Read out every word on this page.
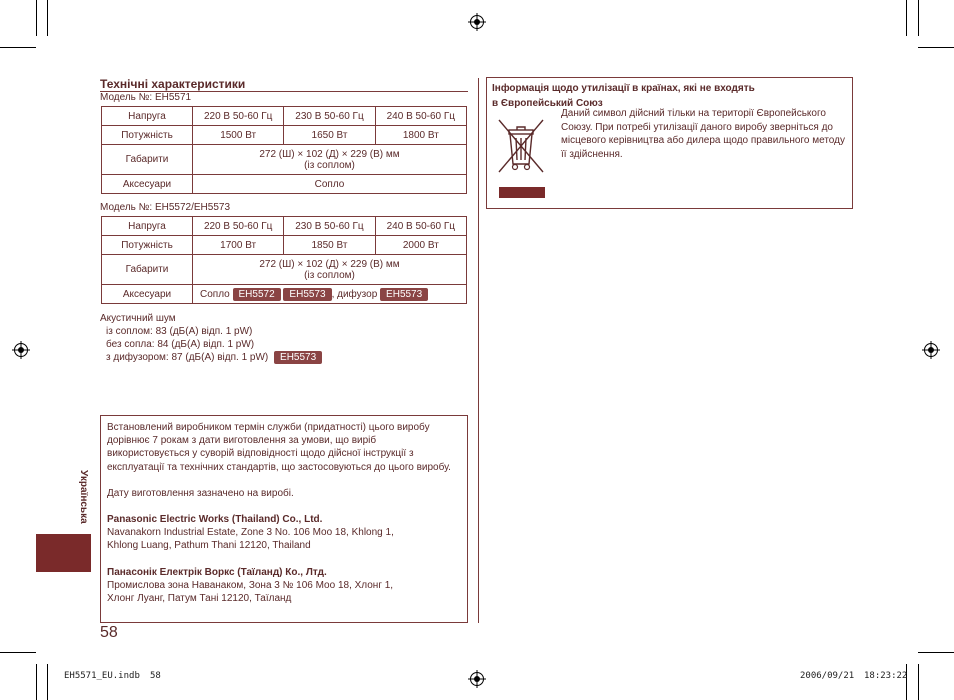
Технічні характеристики
Модель №: EH5571
Напруга	220 В 50-60 Гц	230 В 50-60 Гц	240 В 50-60 Гц
Потужність	1500 Вт	1650 Вт	1800 Вт
Габарити	272 (Ш) × 102 (Д) × 229 (В) мм
(із соплом)		

Аксесуари	Сопло		
Модель №: EH5572/EH5573
Напруга	220 В 50-60 Гц	230 В 50-60 Гц	240 В 50-60 Гц
Потужність	1700 Вт	1850 Вт	2000 Вт
Габарити	272 (Ш) × 102 (Д) × 229 (В) мм
(із соплом)		

Аксесуари	Сопло EH5572 EH5573 , дифузор EH5573		
Акустичний шум
із соплом: 83 (дБ(A) відп. 1 pW)
без сопла: 84 (дБ(A) відп. 1 pW)
з дифузором: 87 (дБ(A) відп. 1 pW) EH5573

Встановлений виробником термін служби (придатності) цього виробу дорівнює 7 рокам з дати виготовлення за умови, що виріб використовується у суворій відповідності щодо дійсної інструкції з експлуатації та технічних стандартів, що застосовуються до цього виробу.

Дату виготовлення зазначено на виробі.

Panasonic Electric Works (Thailand) Co., Ltd.
Navanakorn Industrial Estate, Zone 3 No. 106 Moo 18, Khlong 1,
Khlong Luang, Pathum Thani 12120, Thailand
Панасонік Електрік Воркс (Таїланд) Ко., Лтд.
Промислова зона Наванаком, Зона 3 № 106 Моо 18, Хлонг 1,
Хлонг Луанг, Патум Тані 12120, Таїланд
Інформація щодо утилізації в країнах, які не входять
в Європейський Союз
Даний символ дійсний тільки на території Європейського Союзу. При потребі утилізації даного виробу зверніться до місцевого керівництва або дилера щодо правильного методу її здійснення.
Українська
58
EH5571_EU.indb 58	2006/09/21 18:23:22
